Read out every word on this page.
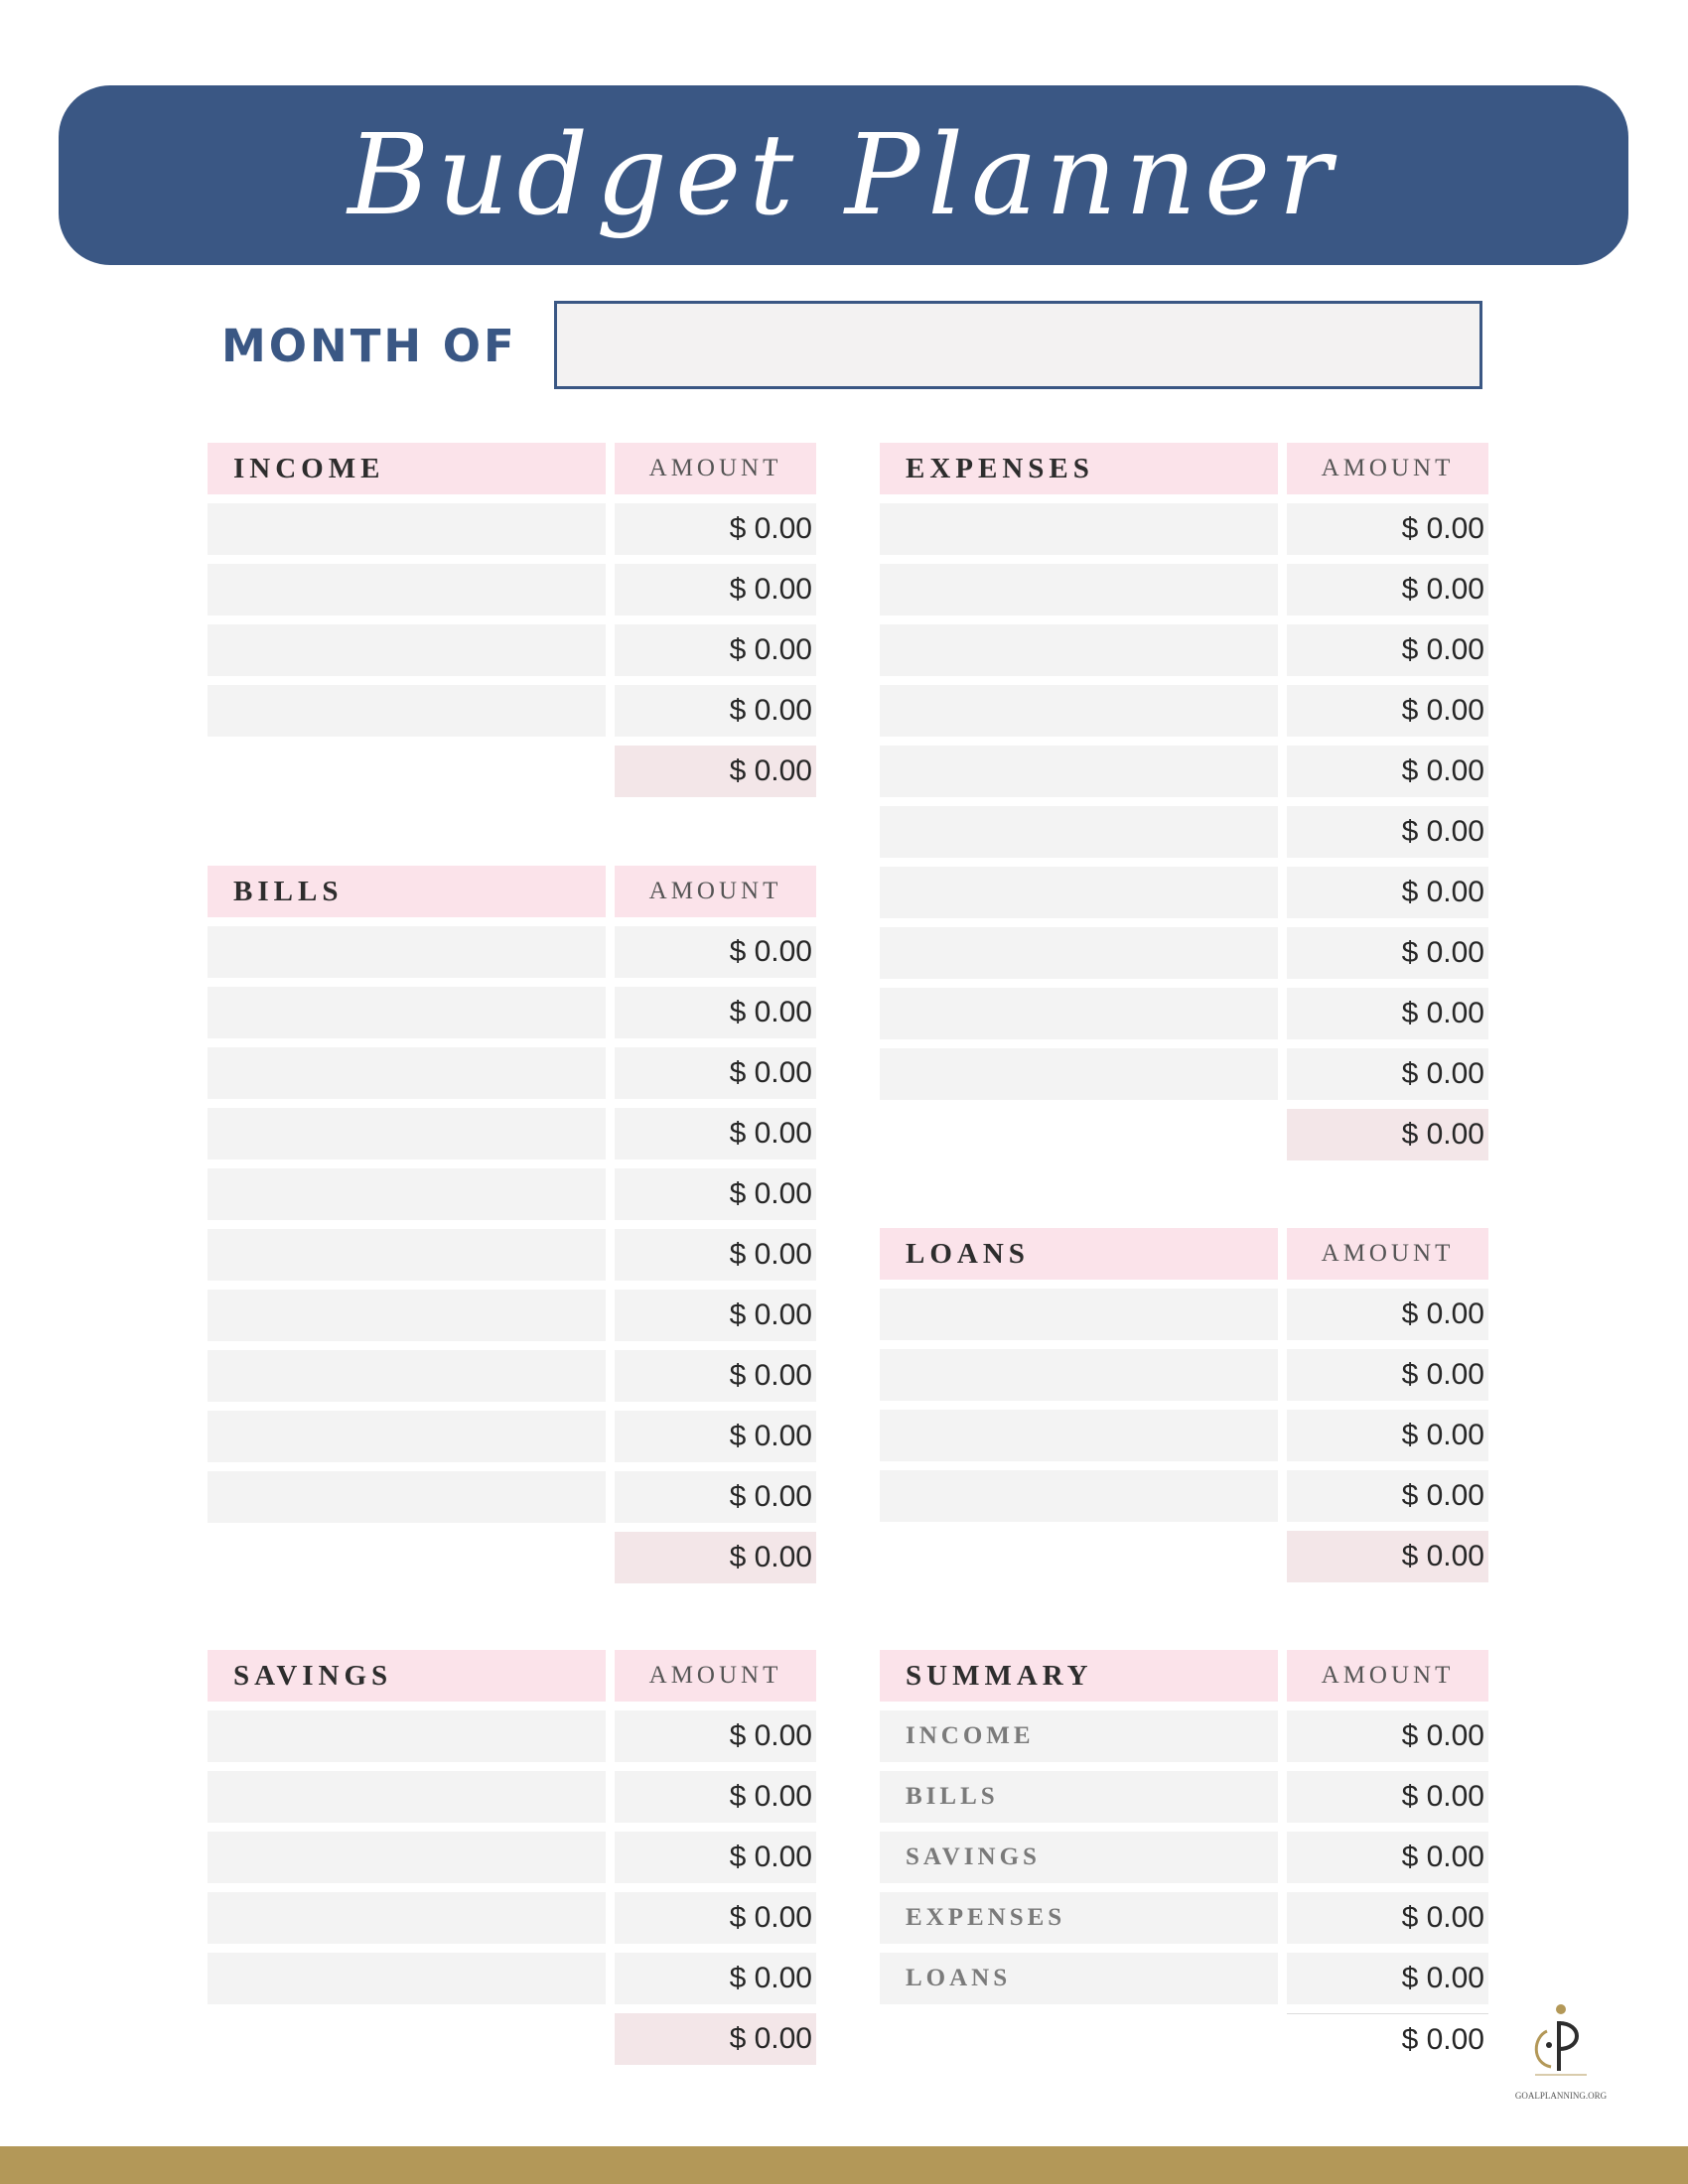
Budget Planner
MONTH OF
INCOME	AMOUNT
$ 0.00
$ 0.00
$ 0.00
$ 0.00
$ 0.00
BILLS	AMOUNT
$ 0.00
$ 0.00
$ 0.00
$ 0.00
$ 0.00
$ 0.00
$ 0.00
$ 0.00
$ 0.00
$ 0.00
$ 0.00
SAVINGS	AMOUNT
$ 0.00
$ 0.00
$ 0.00
$ 0.00
$ 0.00
$ 0.00
EXPENSES	AMOUNT
$ 0.00
$ 0.00
$ 0.00
$ 0.00
$ 0.00
$ 0.00
$ 0.00
$ 0.00
$ 0.00
$ 0.00
$ 0.00
LOANS	AMOUNT
$ 0.00
$ 0.00
$ 0.00
$ 0.00
$ 0.00
SUMMARY	AMOUNT
INCOME	$ 0.00
BILLS	$ 0.00
SAVINGS	$ 0.00
EXPENSES	$ 0.00
LOANS	$ 0.00
$ 0.00
GOALPLANNING.ORG
